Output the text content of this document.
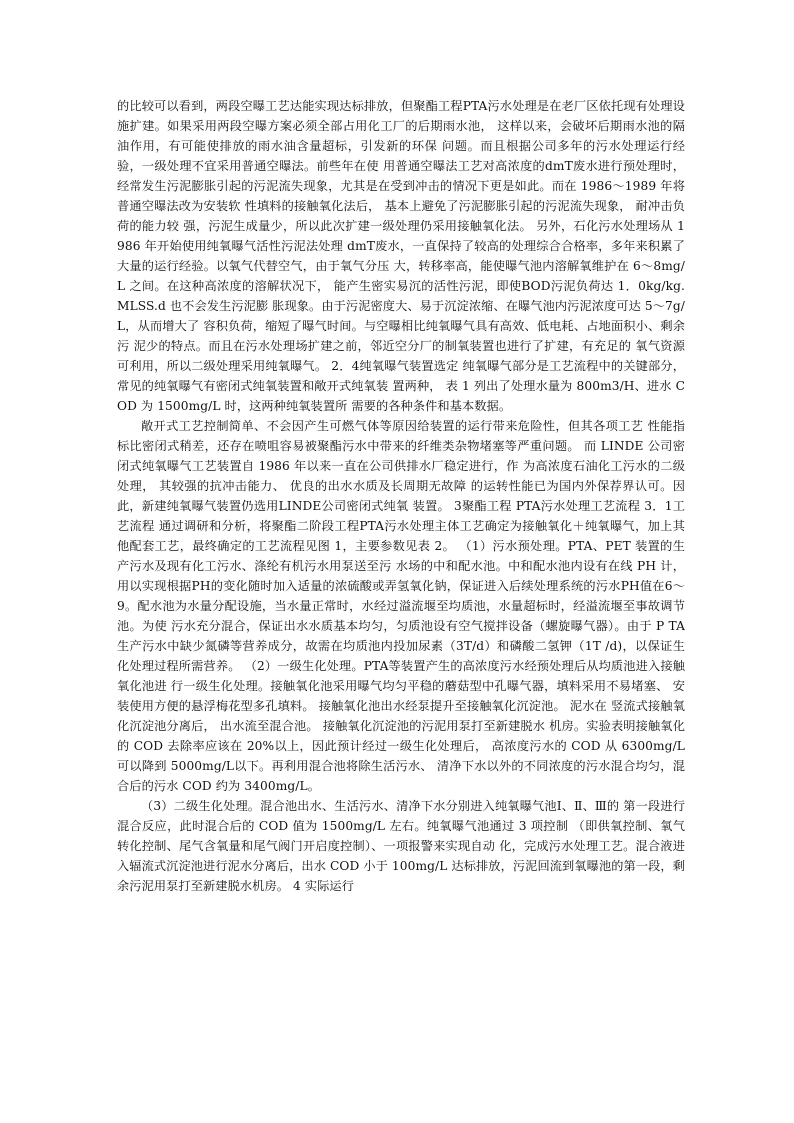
的比较可以看到，两段空曝工艺达能实现达标排放，但聚酯工程PTA污水处理是在老厂区依托现有处理设施扩建。如果采用两段空曝方案必须全部占用化工厂的后期雨水池， 这样以来，会破坏后期雨水池的隔油作用，有可能使排放的雨水油含量超标，引发新的环保 问题。而且根据公司多年的污水处理运行经验，一级处理不宜采用普通空曝法。前些年在使 用普通空曝法工艺对高浓度的dmT废水进行预处理时，经常发生污泥膨胀引起的污泥流失现象，尤其是在受到冲击的情况下更是如此。而在 1986～1989 年将普通空曝法改为安装软 性填料的接触氧化法后， 基本上避免了污泥膨胀引起的污泥流失现象， 耐冲击负荷的能力较 强，污泥生成量少，所以此次扩建一级处理仍采用接触氧化法。 另外，石化污水处理场从 1986 年开始使用纯氧曝气活性污泥法处理 dmT废水，一直保持了较高的处理综合合格率，多年来积累了大量的运行经验。以氧气代替空气，由于氧气分压 大，转移率高，能使曝气池内溶解氧维护在 6～8mg/L 之间。在这种高浓度的溶解状况下， 能产生密实易沉的活性污泥，即使BOD污泥负荷达 1．0kg/kg.MLSS.d 也不会发生污泥膨 胀现象。由于污泥密度大、易于沉淀浓缩、在曝气池内污泥浓度可达 5～7g/L，从而增大了 容积负荷，缩短了曝气时间。与空曝相比纯氧曝气具有高效、低电耗、占地面积小、剩余污 泥少的特点。而且在污水处理场扩建之前，邻近空分厂的制氧装置也进行了扩建，有充足的 氧气资源可利用，所以二级处理采用纯氧曝气。 2．4纯氧曝气装置选定 纯氧曝气部分是工艺流程中的关键部分， 常见的纯氧曝气有密闭式纯氧装置和敞开式纯氧装 置两种， 表 1 列出了处理水量为 800m3/H、进水 COD 为 1500mg/L 时，这两种纯氧装置所 需要的各种条件和基本数据。

敞开式工艺控制简单、不会因产生可燃气体等原因给装置的运行带来危险性，但其各项工艺 性能指标比密闭式稍差，还存在喷咀容易被聚酯污水中带来的纤维类杂物堵塞等严重问题。 而 LINDE 公司密闭式纯氧曝气工艺装置自 1986 年以来一直在公司供排水厂稳定进行，作 为高浓度石油化工污水的二级处理， 其较强的抗冲击能力、 优良的出水水质及长周期无故障 的运转性能已为国内外保荐界认可。因此，新建纯氧曝气装置仍选用LINDE公司密闭式纯氧 装置。 3聚酯工程 PTA污水处理工艺流程 3．1工艺流程 通过调研和分析，将聚酯二阶段工程PTA污水处理主体工艺确定为接触氧化＋纯氧曝气，加上其他配套工艺，最终确定的工艺流程见图 1，主要参数见表 2。 （1）污水预处理。PTA、PET 装置的生产污水及现有化工污水、涤纶有机污水用泵送至污 水场的中和配水池。中和配水池内设有在线 PH 计，用以实现根据PH的变化随时加入适量的浓硫酸或弄氢氧化钠，保证进入后续处理系统的污水PH值在6～9。配水池为水量分配设施，当水量正常时，水经过溢流堰至均质池，水量超标时，经溢流堰至事故调节池。为使 污水充分混合，保证出水水质基本均匀，匀质池设有空气搅拌设备（螺旋曝气器）。由于 P TA 生产污水中缺少氮磷等营养成分，故需在均质池内投加尿素（3T/d）和磷酸二氢钾（1T /d)，以保证生化处理过程所需营养。 （2）一级生化处理。PTA等装置产生的高浓度污水经预处理后从均质池进入接触氧化池进 行一级生化处理。接触氧化池采用曝气均匀平稳的蘑菇型中孔曝气器，填料采用不易堵塞、 安装使用方便的悬浮梅花型多孔填料。 接触氧化池出水经泵提升至接触氧化沉淀池。 泥水在 竖流式接触氧化沉淀池分离后， 出水流至混合池。 接触氧化沉淀池的污泥用泵打至新建脱水 机房。实验表明接触氧化的 COD 去除率应该在 20%以上，因此预计经过一级生化处理后， 高浓度污水的 COD 从 6300mg/L 可以降到 5000mg/L以下。再利用混合池将除生活污水、 清净下水以外的不同浓度的污水混合均匀，混合后的污水 COD 约为 3400mg/L。

（3）二级生化处理。混合池出水、生活污水、清净下水分别进入纯氧曝气池Ⅰ、Ⅱ、Ⅲ的 第一段进行混合反应，此时混合后的 COD 值为 1500mg/L 左右。纯氧曝气池通过 3 项控制 （即供氧控制、氧气转化控制、尾气含氧量和尾气阀门开启度控制）、一项报警来实现自动 化，完成污水处理工艺。混合液进入辐流式沉淀池进行泥水分离后，出水 COD 小于 100mg/L 达标排放，污泥回流到氧曝池的第一段，剩余污泥用泵打至新建脱水机房。 4 实际运行
